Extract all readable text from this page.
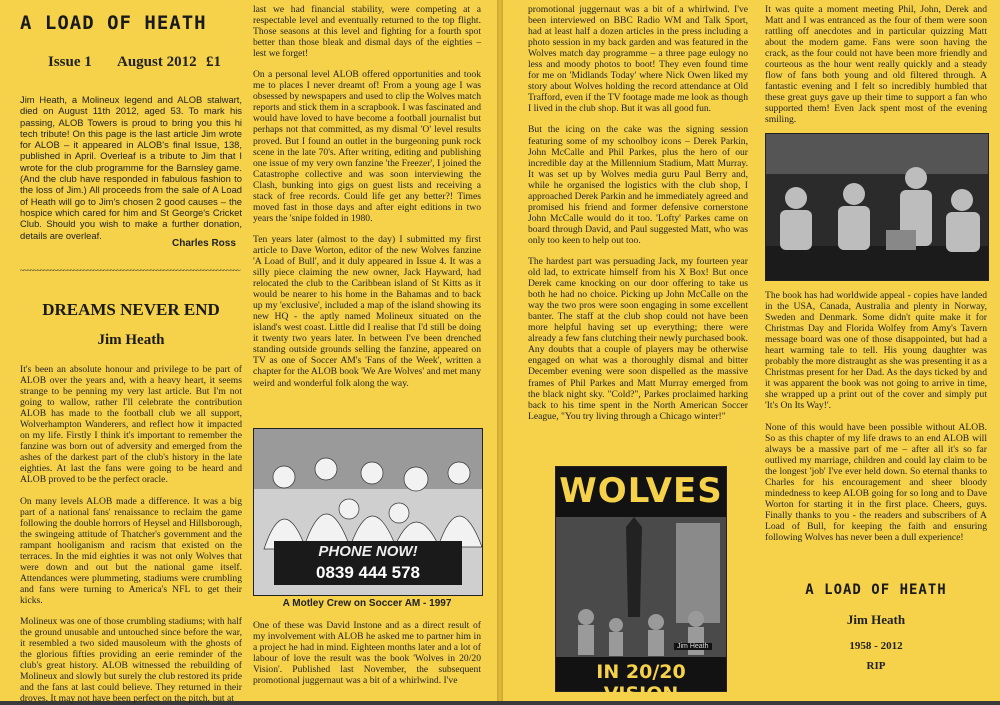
A LOAD OF HEATH
Issue 1 August 2012 £1
Jim Heath, a Molineux legend and ALOB stalwart, died on August 11th 2012, aged 53. To mark his passing, ALOB Towers is proud to bring you this hi tech tribute! On this page is the last article Jim wrote for ALOB – it appeared in ALOB's final Issue, 138, published in April. Overleaf is a tribute to Jim that I wrote for the club programme for the Barnsley game. (And the club have responded in fabulous fashion to the loss of Jim.) All proceeds from the sale of A Load of Heath will go to Jim's chosen 2 good causes – the hospice which cared for him and St George's Cricket Club. Should you wish to make a further donation, details are overleaf.
Charles Ross
~~~~~~~~~~~~~~~~~~~~~~~~~~~~~~~~~~~~~~~~~~~~~~~~~~~~~~~~~~~~~~~~~~
DREAMS NEVER END
Jim Heath

It's been an absolute honour and privilege to be part of ALOB over the years and, with a heavy heart, it seems strange to be penning my very last article. But I'm not going to wallow, rather I'll celebrate the contribution ALOB has made to the football club we all support, Wolverhampton Wanderers, and reflect how it impacted on my life. Firstly I think it's important to remember the fanzine was born out of adversity and emerged from the ashes of the darkest part of the club's history in the late eighties. At last the fans were going to be heard and ALOB proved to be the perfect oracle.

On many levels ALOB made a difference. It was a big part of a national fans' renaissance to reclaim the game following the double horrors of Heysel and Hillsborough, the swingeing attitude of Thatcher's government and the rampant hooliganism and racism that existed on the terraces. In the mid eighties it was not only Wolves that were down and out but the national game itself. Attendances were plummeting, stadiums were crumbling and fans were turning to America's NFL to get their kicks.

Molineux was one of those crumbling stadiums; with half the ground unusable and untouched since before the war, it resembled a two sided mausoleum with the ghosts of the glorious fifties providing an eerie reminder of the club's great history. ALOB witnessed the rebuilding of Molineux and slowly but surely the club restored its pride and the fans at last could believe. They returned in their droves. It may not have been perfect on the pitch, but at

last we had financial stability, were competing at a respectable level and eventually returned to the top flight. Those seasons at this level and fighting for a fourth spot better than those bleak and dismal days of the eighties – lest we forget!

On a personal level ALOB offered opportunities and took me to places I never dreamt of! From a young age I was obsessed by newspapers and used to clip the Wolves match reports and stick them in a scrapbook. I was fascinated and would have loved to have become a football journalist but perhaps not that committed, as my dismal 'O' level results proved. But I found an outlet in the burgeoning punk rock scene in the late 70's. After writing, editing and publishing one issue of my very own fanzine 'the Freezer', I joined the Catastrophe collective and was soon interviewing the Clash, bunking into gigs on guest lists and receiving a stack of free records. Could life get any better?! Times moved fast in those days and after eight editions in two years the 'snipe folded in 1980.

Ten years later (almost to the day) I submitted my first article to Dave Worton, editor of the new Wolves fanzine 'A Load of Bull', and it duly appeared in Issue 4. It was a silly piece claiming the new owner, Jack Hayward, had relocated the club to the Caribbean island of St Kitts as it would be nearer to his home in the Bahamas and to back up my 'exclusive', included a map of the island showing its new HQ - the aptly named Molineux situated on the island's west coast. Little did I realise that I'd still be doing it twenty two years later. In between I've been drenched standing outside grounds selling the fanzine, appeared on TV as one of Soccer AM's 'Fans of the Week', written a chapter for the ALOB book 'We Are Wolves' and met many weird and wonderful folk along the way.

PHONE NOW!
0839 444 578
A Motley Crew on Soccer AM - 1997

One of these was David Instone and as a direct result of my involvement with ALOB he asked me to partner him in a project he had in mind. Eighteen months later and a lot of labour of love the result was the book 'Wolves in 20/20 Vision'. Published last November, the subsequent promotional juggernaut was a bit of a whirlwind. I've

promotional juggernaut was a bit of a whirlwind. I've been interviewed on BBC Radio WM and Talk Sport, had at least half a dozen articles in the press including a photo session in my back garden and was featured in the Wolves match day programme – a three page eulogy no less and moody photos to boot! They even found time for me on 'Midlands Today' where Nick Owen liked my story about Wolves holding the record attendance at Old Trafford, even if the TV footage made me look as though I lived in the club shop. But it was all good fun.

But the icing on the cake was the signing session featuring some of my schoolboy icons – Derek Parkin, John McCalle and Phil Parkes, plus the hero of our incredible day at the Millennium Stadium, Matt Murray. It was set up by Wolves media guru Paul Berry and, while he organised the logistics with the club shop, I approached Derek Parkin and he immediately agreed and promised his friend and former defensive cornerstone John McCalle would do it too. 'Lofty' Parkes came on board through David, and Paul suggested Matt, who was only too keen to help out too.

The hardest part was persuading Jack, my fourteen year old lad, to extricate himself from his X Box! But once Derek came knocking on our door offering to take us both he had no choice. Picking up John McCalle on the way the two pros were soon engaging in some excellent banter. The staff at the club shop could not have been more helpful having set up everything; there were already a few fans clutching their newly purchased book. Any doubts that a couple of players may be otherwise engaged on what was a thoroughly dismal and bitter December evening were soon dispelled as the massive frames of Phil Parkes and Matt Murray emerged from the black night sky. "Cold?", Parkes proclaimed harking back to his time spent in the North American Soccer League, "You try living through a Chicago winter!"

WOLVES
Jim Heath
IN 20/20 VISION

It was quite a moment meeting Phil, John, Derek and Matt and I was entranced as the four of them were soon rattling off anecdotes and in particular quizzing Matt about the modern game. Fans were soon having the crack, as the four could not have been more friendly and courteous as the hour went really quickly and a steady flow of fans both young and old filtered through. A fantastic evening and I felt so incredibly humbled that these great guys gave up their time to support a fan who supported them! Even Jack spent most of the evening smiling.

The book has had worldwide appeal - copies have landed in the USA, Canada, Australia and plenty in Norway, Sweden and Denmark. Some didn't quite make it for Christmas Day and Florida Wolfey from Amy's Tavern message board was one of those disappointed, but had a heart warming tale to tell. His young daughter was probably the more distraught as she was presenting it as a Christmas present for her Dad. As the days ticked by and it was apparent the book was not going to arrive in time, she wrapped up a print out of the cover and simply put 'It's On Its Way!'.

None of this would have been possible without ALOB. So as this chapter of my life draws to an end ALOB will always be a massive part of me – after all it's so far outlived my marriage, children and could lay claim to be the longest 'job' I've ever held down. So eternal thanks to Charles for his encouragement and sheer bloody mindedness to keep ALOB going for so long and to Dave Worton for starting it in the first place. Cheers, guys. Finally thanks to you - the readers and subscribers of A Load of Bull, for keeping the faith and ensuring following Wolves has never been a dull experience!

A LOAD OF HEATH
Jim Heath
1958 - 2012
RIP
